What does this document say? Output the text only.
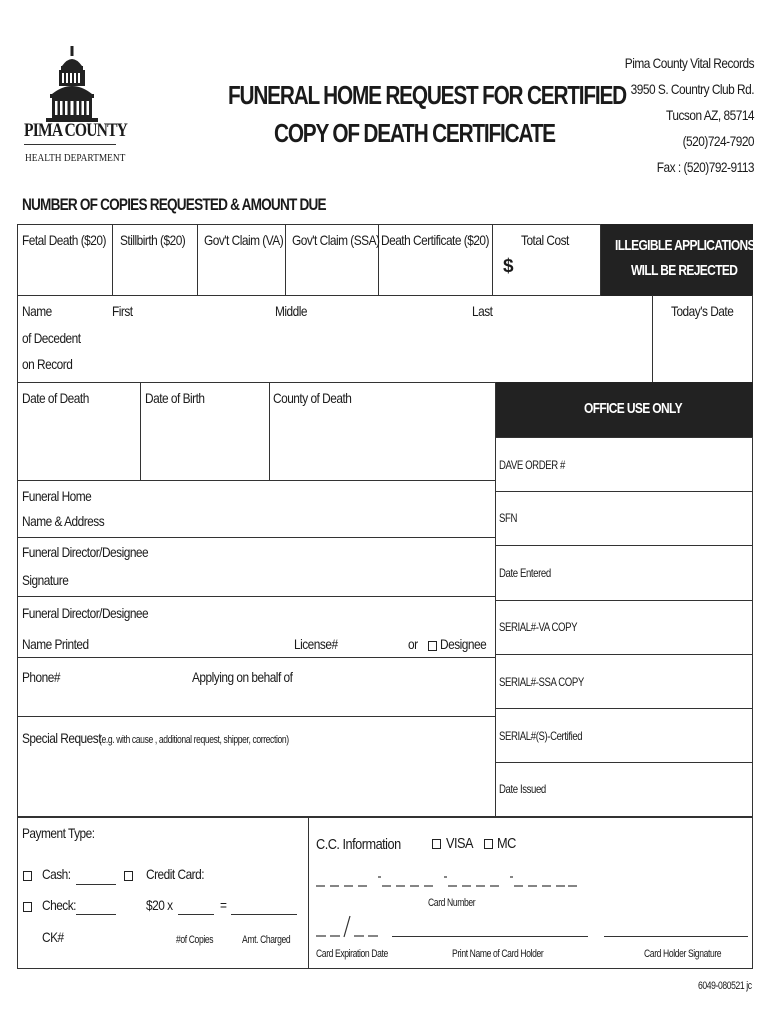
PIMA COUNTY
HEALTH DEPARTMENT
FUNERAL HOME REQUEST FOR CERTIFIED
COPY OF DEATH CERTIFICATE
Pima County Vital Records
3950 S. Country Club Rd.
Tucson AZ, 85714
(520)724-7920
Fax : (520)792-9113
NUMBER OF COPIES REQUESTED & AMOUNT DUE
Fetal Death ($20) Stillbirth ($20) Gov't Claim (VA) Gov't Claim (SSA) Death Certificate ($20) Total Cost
$
ILLEGIBLE APPLICATIONS
WILL BE REJECTED
Name
of Decedent
on Record
First	Middle	Last	Today's Date
Date of Death	Date of Birth	County of Death
OFFICE USE ONLY
DAVE ORDER #
SFN
Date Entered
SERIAL#-VA COPY
SERIAL#-SSA COPY
SERIAL#(S)-Certified
Date Issued
Funeral Home
Name & Address
Funeral Director/Designee
Signature
Funeral Director/Designee
Name Printed	License#	or Designee
Phone#	Applying on behalf of
Special Request
(e.g. with cause , additional request, shipper, correction)
Payment Type:
Cash:	Credit Card:
Check:	$20 x	=
CK#	#of Copies	Amt. Charged
C.C. Information	VISA MC
Card Number
Card Expiration Date	Print Name of Card Holder	Card Holder Signature
6049-080521 jc
